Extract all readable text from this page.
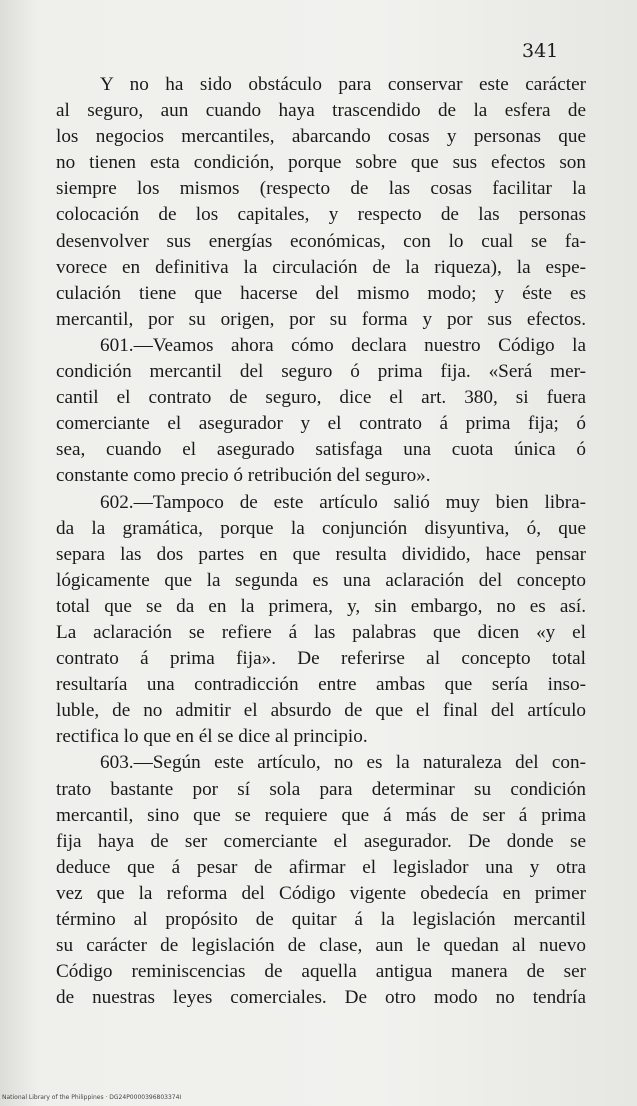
341
Y no ha sido obstáculo para conservar este carácter
al seguro, aun cuando haya trascendido de la esfera de
los negocios mercantiles, abarcando cosas y personas que
no tienen esta condición, porque sobre que sus efectos son
siempre los mismos (respecto de las cosas facilitar la
colocación de los capitales, y respecto de las personas
desenvolver sus energías económicas, con lo cual se fa-
vorece en definitiva la circulación de la riqueza), la espe-
culación tiene que hacerse del mismo modo; y éste es
mercantil, por su origen, por su forma y por sus efectos.
601.—Veamos ahora cómo declara nuestro Código la
condición mercantil del seguro ó prima fija. «Será mer-
cantil el contrato de seguro, dice el art. 380, si fuera
comerciante el asegurador y el contrato á prima fija; ó
sea, cuando el asegurado satisfaga una cuota única ó
constante como precio ó retribución del seguro».
602.—Tampoco de este artículo salió muy bien libra-
da la gramática, porque la conjunción disyuntiva, ó, que
separa las dos partes en que resulta dividido, hace pensar
lógicamente que la segunda es una aclaración del concepto
total que se da en la primera, y, sin embargo, no es así.
La aclaración se refiere á las palabras que dicen «y el
contrato á prima fija». De referirse al concepto total
resultaría una contradicción entre ambas que sería inso-
luble, de no admitir el absurdo de que el final del artículo
rectifica lo que en él se dice al principio.
603.—Según este artículo, no es la naturaleza del con-
trato bastante por sí sola para determinar su condición
mercantil, sino que se requiere que á más de ser á prima
fija haya de ser comerciante el asegurador. De donde se
deduce que á pesar de afirmar el legislador una y otra
vez que la reforma del Código vigente obedecía en primer
término al propósito de quitar á la legislación mercantil
su carácter de legislación de clase, aun le quedan al nuevo
Código reminiscencias de aquella antigua manera de ser
de nuestras leyes comerciales. De otro modo no tendría
National Library of the Philippines · DG24P0000396803374I
